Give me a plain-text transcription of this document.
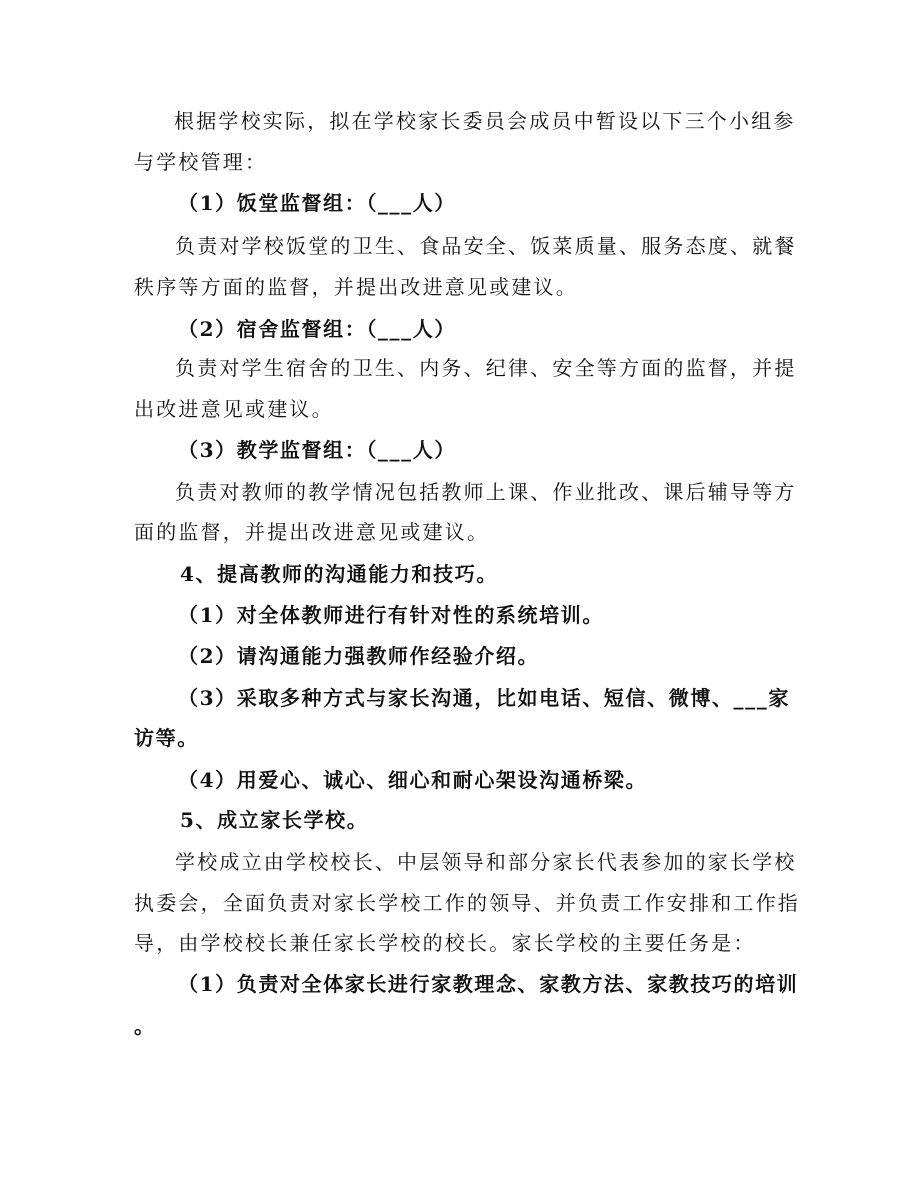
根据学校实际，拟在学校家长委员会成员中暂设以下三个小组参
与学校管理：
（1）饭堂监督组：（___人）
负责对学校饭堂的卫生、食品安全、饭菜质量、服务态度、就餐
秩序等方面的监督，并提出改进意见或建议。
（2）宿舍监督组：（___人）
负责对学生宿舍的卫生、内务、纪律、安全等方面的监督，并提
出改进意见或建议。
（3）教学监督组：（___人）
负责对教师的教学情况包括教师上课、作业批改、课后辅导等方
面的监督，并提出改进意见或建议。
4、提高教师的沟通能力和技巧。
（1）对全体教师进行有针对性的系统培训。
（2）请沟通能力强教师作经验介绍。
（3）采取多种方式与家长沟通，比如电话、短信、微博、___家
访等。
（4）用爱心、诚心、细心和耐心架设沟通桥梁。
5、成立家长学校。
学校成立由学校校长、中层领导和部分家长代表参加的家长学校
执委会，全面负责对家长学校工作的领导、并负责工作安排和工作指
导，由学校校长兼任家长学校的校长。家长学校的主要任务是：
（1）负责对全体家长进行家教理念、家教方法、家教技巧的培训
。
